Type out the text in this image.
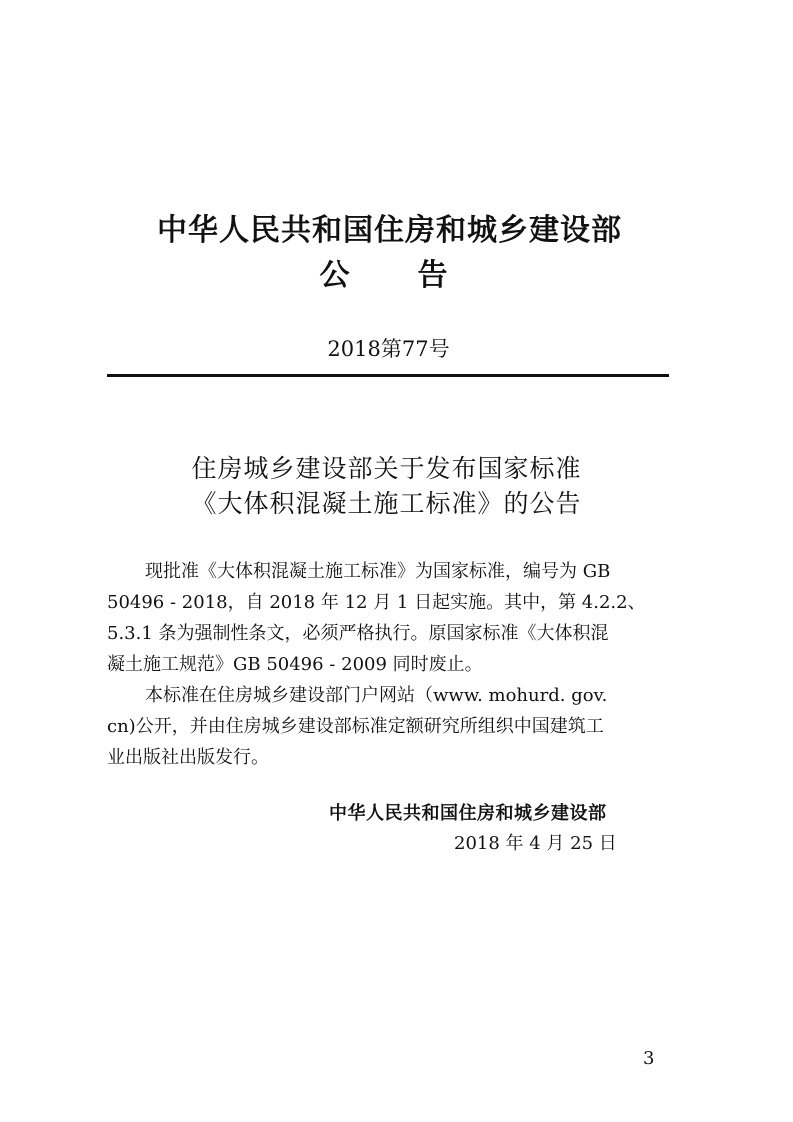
中华人民共和国住房和城乡建设部
公 告
2018第77号
住房城乡建设部关于发布国家标准
《大体积混凝土施工标准》的公告
现批准《大体积混凝土施工标准》为国家标准，编号为 GB
50496 - 2018，自 2018 年 12 月 1 日起实施。其中，第 4.2.2、
5.3.1 条为强制性条文，必须严格执行。原国家标准《大体积混
凝土施工规范》GB 50496 - 2009 同时废止。
本标准在住房城乡建设部门户网站（www. mohurd. gov.
cn)公开，并由住房城乡建设部标准定额研究所组织中国建筑工
业出版社出版发行。
中华人民共和国住房和城乡建设部
2018 年 4 月 25 日
3
